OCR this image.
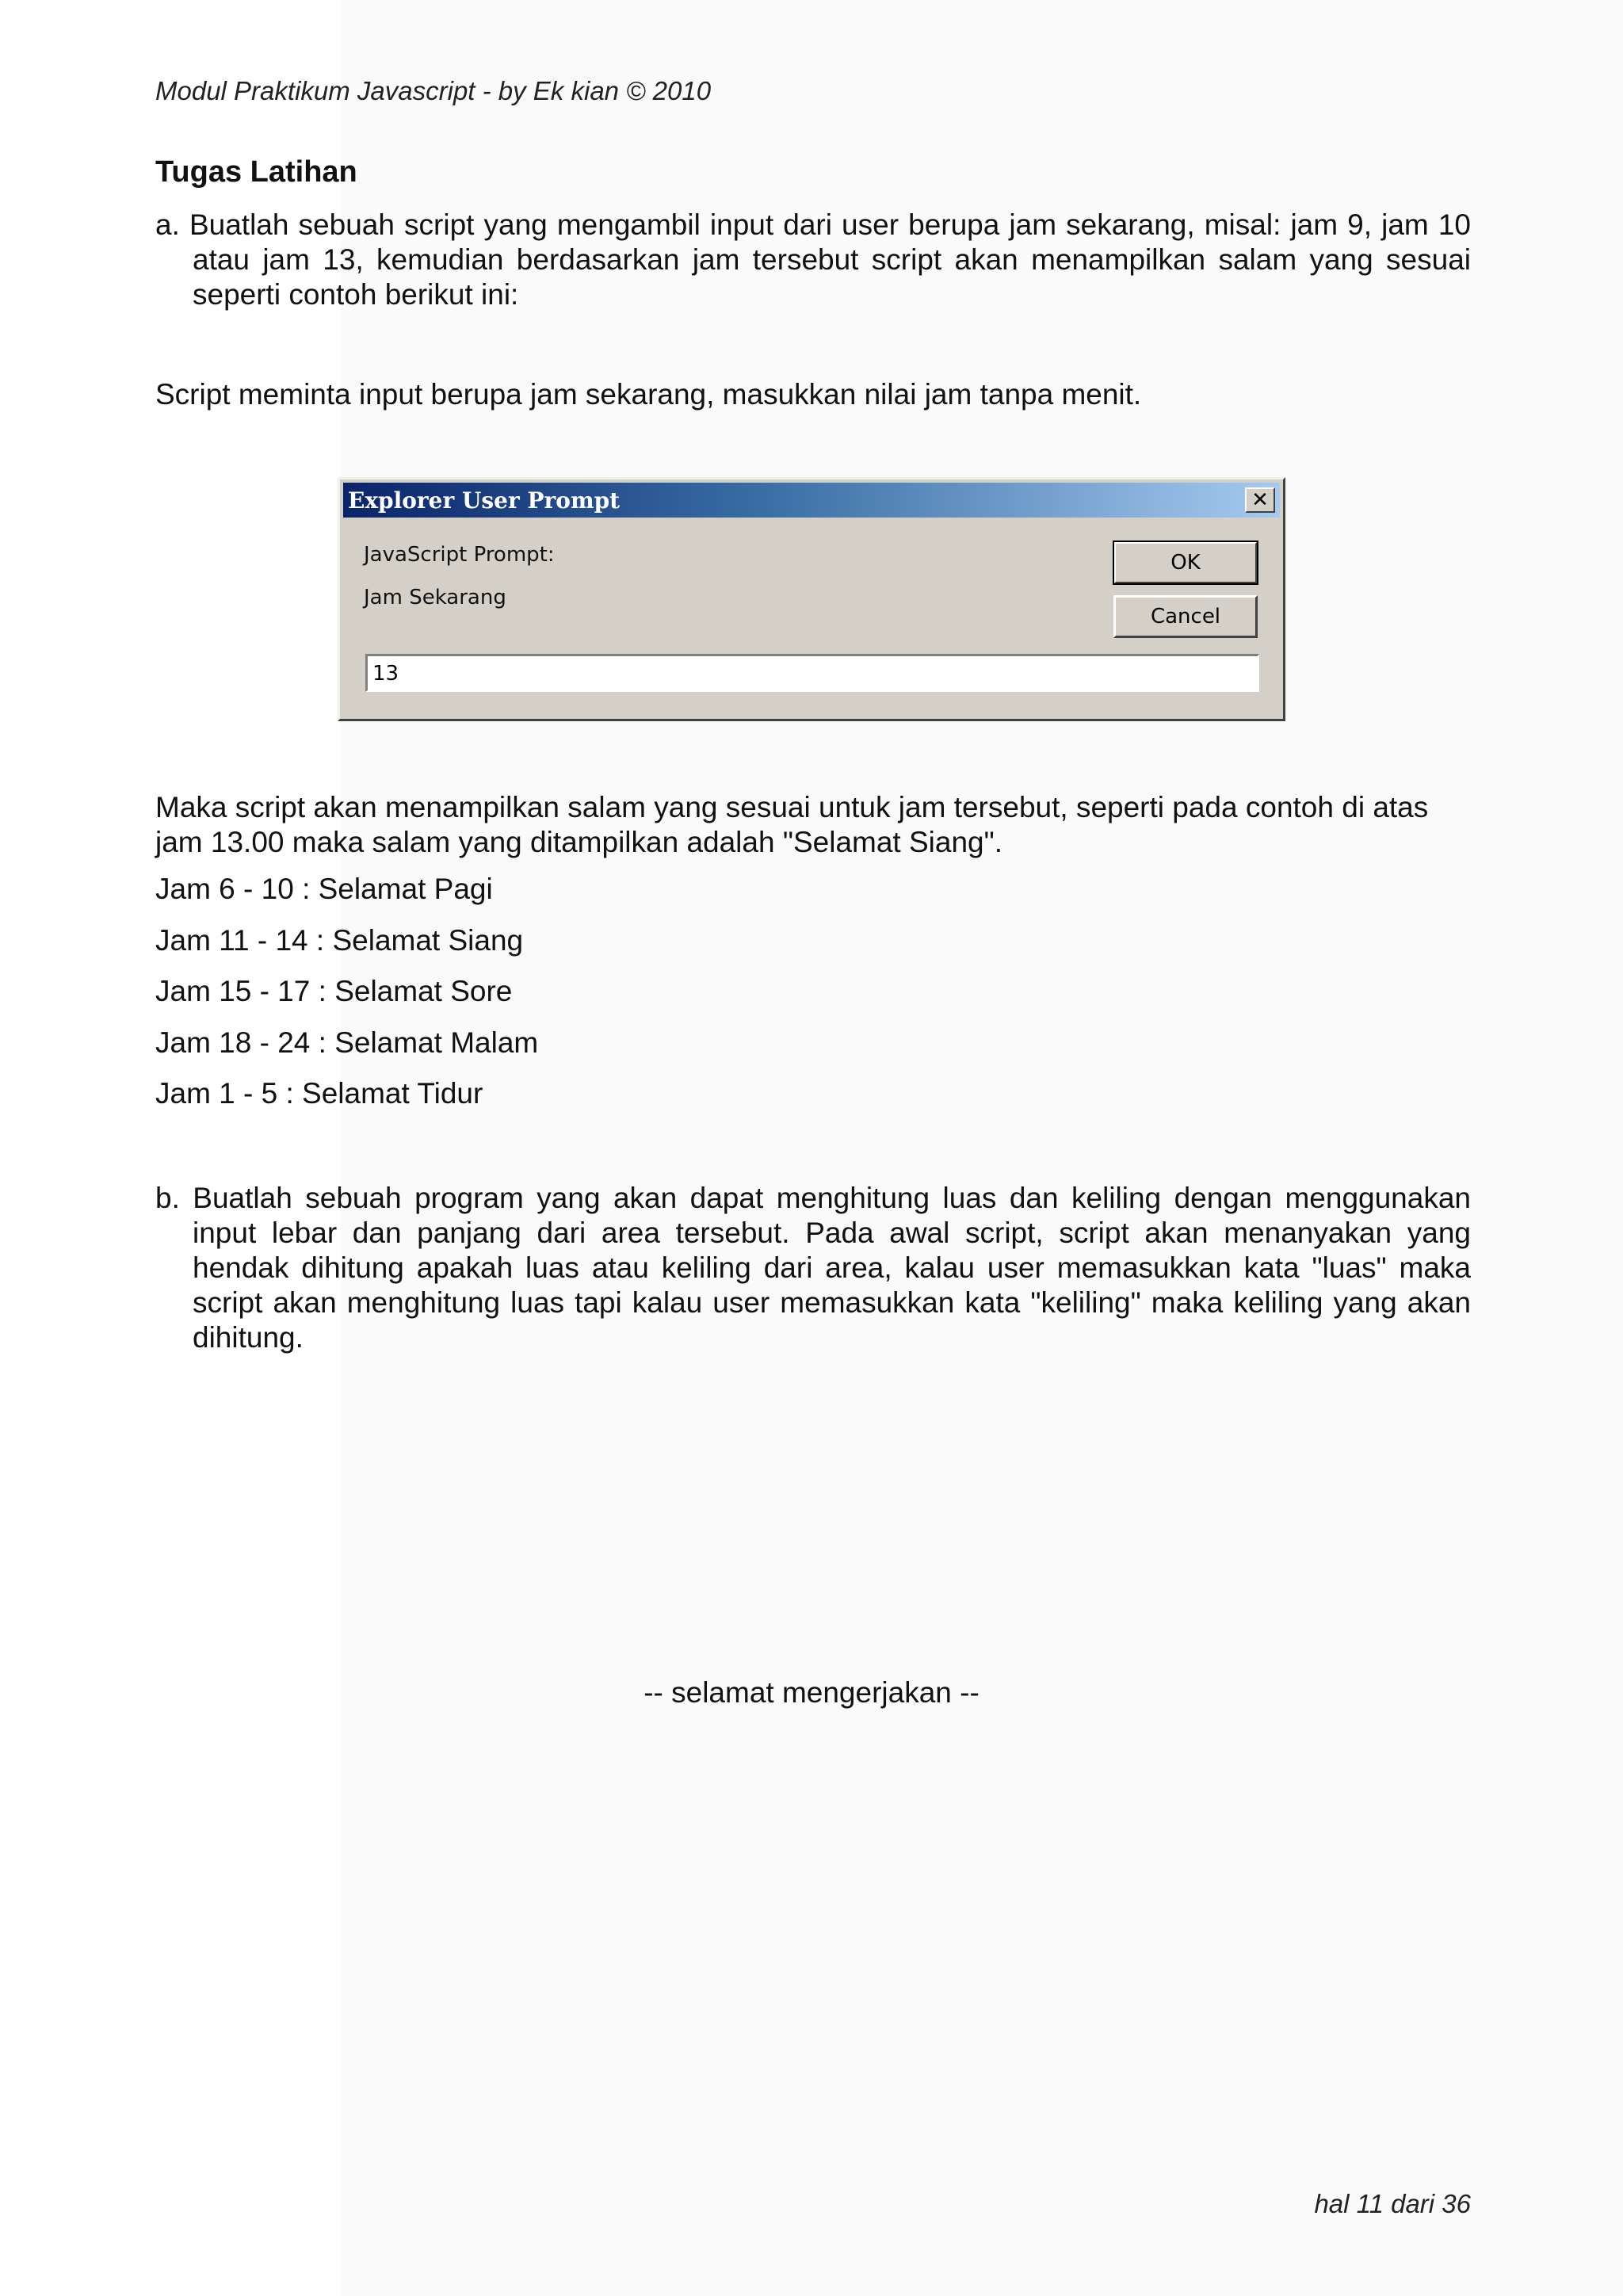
Modul Praktikum Javascript - by Ek kian © 2010
Tugas Latihan
a. Buatlah sebuah script yang mengambil input dari user berupa jam sekarang, misal: jam 9, jam 10 atau jam 13, kemudian berdasarkan jam tersebut script akan menampilkan salam yang sesuai seperti contoh berikut ini:
Script meminta input berupa jam sekarang, masukkan nilai jam tanpa menit.
Explorer User Prompt	✕
JavaScript Prompt:
Jam Sekarang
OK
Cancel
13
Maka script akan menampilkan salam yang sesuai untuk jam tersebut, seperti pada contoh di atas jam 13.00 maka salam yang ditampilkan adalah "Selamat Siang".
Jam 6 - 10 : Selamat Pagi
Jam 11 - 14 : Selamat Siang
Jam 15 - 17 : Selamat Sore
Jam 18 - 24 : Selamat Malam
Jam 1 - 5 : Selamat Tidur
b. Buatlah sebuah program yang akan dapat menghitung luas dan keliling dengan menggunakan input lebar dan panjang dari area tersebut. Pada awal script, script akan menanyakan yang hendak dihitung apakah luas atau keliling dari area, kalau user memasukkan kata "luas" maka script akan menghitung luas tapi kalau user memasukkan kata "keliling" maka keliling yang akan dihitung.
-- selamat mengerjakan --
hal 11 dari 36
